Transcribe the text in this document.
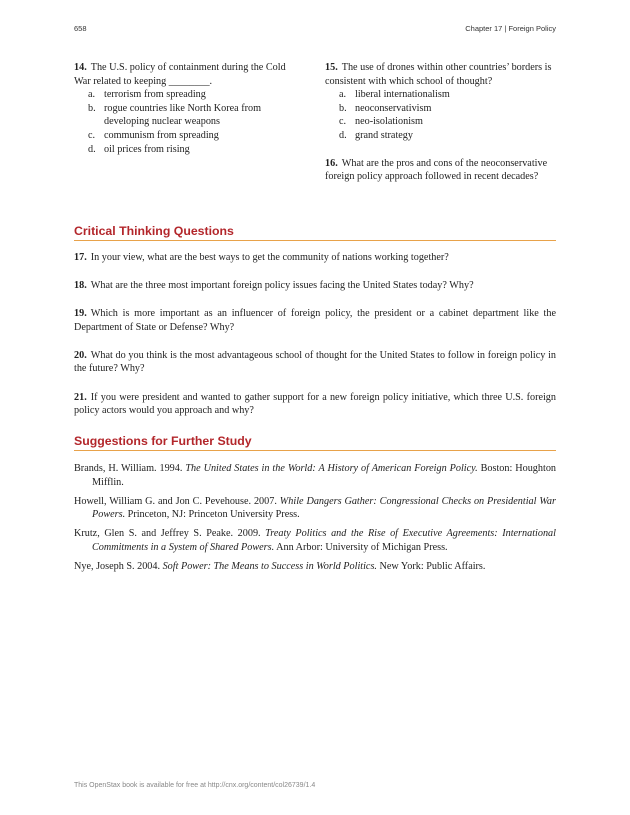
658	Chapter 17 | Foreign Policy
14. The U.S. policy of containment during the Cold War related to keeping ________.
a. terrorism from spreading
b. rogue countries like North Korea from developing nuclear weapons
c. communism from spreading
d. oil prices from rising
15. The use of drones within other countries’ borders is consistent with which school of thought?
a. liberal internationalism
b. neoconservativism
c. neo-isolationism
d. grand strategy
16. What are the pros and cons of the neoconservative foreign policy approach followed in recent decades?
Critical Thinking Questions

17. In your view, what are the best ways to get the community of nations working together?

18. What are the three most important foreign policy issues facing the United States today? Why?

19. Which is more important as an influencer of foreign policy, the president or a cabinet department like the Department of State or Defense? Why?

20. What do you think is the most advantageous school of thought for the United States to follow in foreign policy in the future? Why?

21. If you were president and wanted to gather support for a new foreign policy initiative, which three U.S. foreign policy actors would you approach and why?

Suggestions for Further Study

Brands, H. William. 1994. The United States in the World: A History of American Foreign Policy. Boston: Houghton Mifflin.

Howell, William G. and Jon C. Pevehouse. 2007. While Dangers Gather: Congressional Checks on Presidential War Powers. Princeton, NJ: Princeton University Press.

Krutz, Glen S. and Jeffrey S. Peake. 2009. Treaty Politics and the Rise of Executive Agreements: International Commitments in a System of Shared Powers. Ann Arbor: University of Michigan Press.

Nye, Joseph S. 2004. Soft Power: The Means to Success in World Politics. New York: Public Affairs.

This OpenStax book is available for free at http://cnx.org/content/col26739/1.4
